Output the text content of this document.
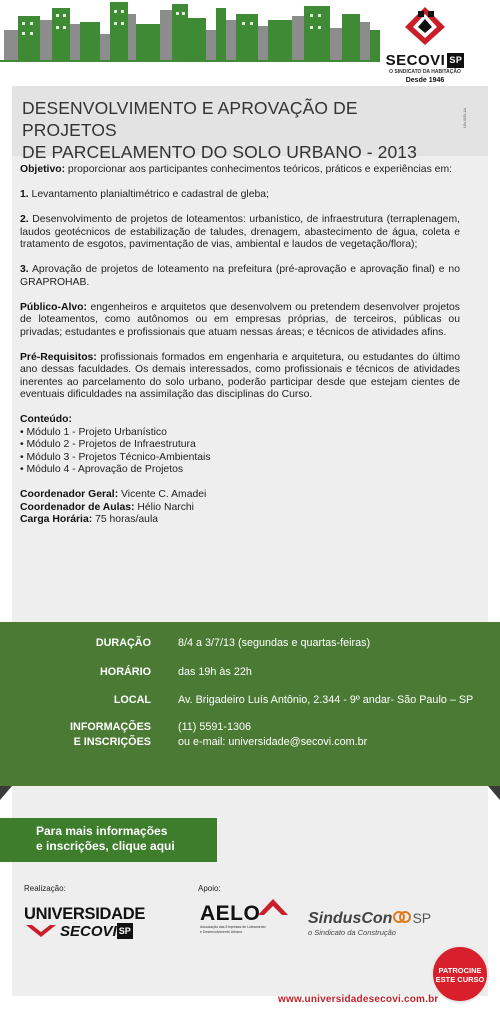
SECOVI SP
O SINDICATO DA HABITAÇÃO
Desde 1946
DESENVOLVIMENTO E APROVAÇÃO DE PROJETOS
DE PARCELAMENTO DO SOLO URBANO - 2013
UN-003-1A

Objetivo: proporcionar aos participantes conhecimentos teóricos, práticos e experiências em:

1. Levantamento planialtimétrico e cadastral de gleba;

2. Desenvolvimento de projetos de loteamentos: urbanístico, de infraestrutura (terraplenagem, laudos geotécnicos de estabilização de taludes, drenagem, abastecimento de água, coleta e tratamento de esgotos, pavimentação de vias, ambiental e laudos de vegetação/flora);

3. Aprovação de projetos de loteamento na prefeitura (pré-aprovação e aprovação final) e no GRAPROHAB.

Público-Alvo: engenheiros e arquitetos que desenvolvem ou pretendem desenvolver projetos de loteamentos, como autônomos ou em empresas próprias, de terceiros, públicas ou privadas; estudantes e profissionais que atuam nessas áreas; e técnicos de atividades afins.

Pré-Requisitos: profissionais formados em engenharia e arquitetura, ou estudantes do último ano dessas faculdades. Os demais interessados, como profissionais e técnicos de atividades inerentes ao parcelamento do solo urbano, poderão participar desde que estejam cientes de eventuais dificuldades na assimilação das disciplinas do Curso.

Conteúdo:
• Módulo 1 - Projeto Urbanístico
• Módulo 2 - Projetos de Infraestrutura
• Módulo 3 - Projetos Técnico-Ambientais
• Módulo 4 - Aprovação de Projetos
Coordenador Geral: Vicente C. Amadei
Coordenador de Aulas: Hélio Narchi
Carga Horária: 75 horas/aula
DURAÇÃO	8/4 a 3/7/13 (segundas e quartas-feiras)
HORÁRIO	das 19h às 22h
LOCAL	Av. Brigadeiro Luís Antônio, 2.344 - 9º andar- São Paulo – SP
INFORMAÇÕES	(11) 5591-1306
E INSCRIÇÕES	ou e-mail: universidade@secovi.com.br
Para mais informações
e inscrições, clique aqui
Realização:	Apoio:
UNIVERSIDADE
SECOVI SP
AELO
Associação das Empresas de Loteamento
e Desenvolvimento Urbano
SindusCon SP
o Sindicato da Construção
PATROCINE
ESTE CURSO
www.universidadesecovi.com.br
